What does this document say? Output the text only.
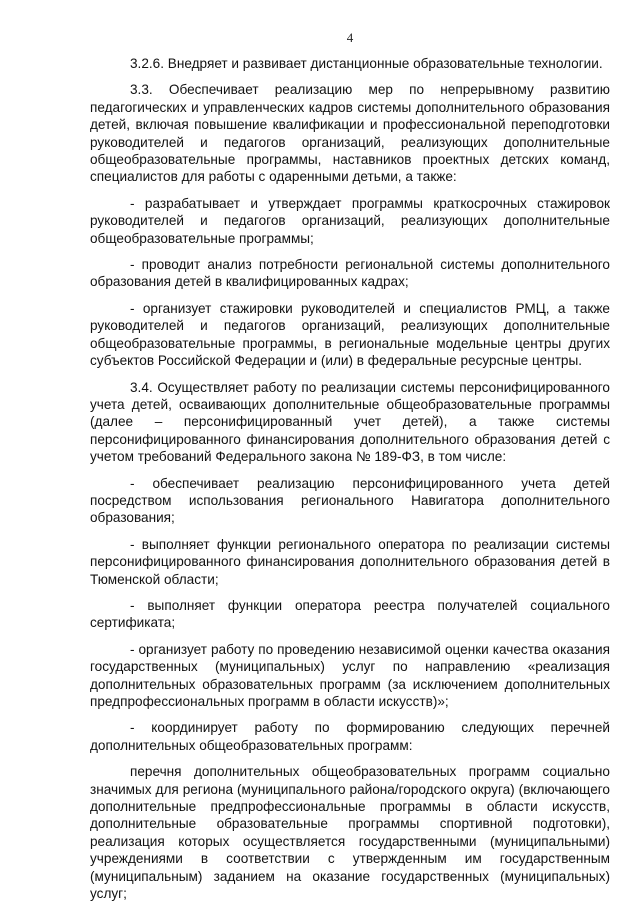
4

3.2.6. Внедряет и развивает дистанционные образовательные технологии.

3.3. Обеспечивает реализацию мер по непрерывному развитию педагогических и управленческих кадров системы дополнительного образования детей, включая повышение квалификации и профессиональной переподготовки руководителей и педагогов организаций, реализующих дополнительные общеобразовательные программы, наставников проектных детских команд, специалистов для работы с одаренными детьми, а также:

- разрабатывает и утверждает программы краткосрочных стажировок руководителей и педагогов организаций, реализующих дополнительные общеобразовательные программы;

- проводит анализ потребности региональной системы дополнительного образования детей в квалифицированных кадрах;

- организует стажировки руководителей и специалистов РМЦ, а также руководителей и педагогов организаций, реализующих дополнительные общеобразовательные программы, в региональные модельные центры других субъектов Российской Федерации и (или) в федеральные ресурсные центры.

3.4. Осуществляет работу по реализации системы персонифицированного учета детей, осваивающих дополнительные общеобразовательные программы (далее – персонифицированный учет детей), а также системы персонифицированного финансирования дополнительного образования детей с учетом требований Федерального закона № 189-ФЗ, в том числе:

- обеспечивает реализацию персонифицированного учета детей посредством использования регионального Навигатора дополнительного образования;

- выполняет функции регионального оператора по реализации системы персонифицированного финансирования дополнительного образования детей в Тюменской области;

- выполняет функции оператора реестра получателей социального сертификата;

- организует работу по проведению независимой оценки качества оказания государственных (муниципальных) услуг по направлению «реализация дополнительных образовательных программ (за исключением дополнительных предпрофессиональных программ в области искусств)»;

- координирует работу по формированию следующих перечней дополнительных общеобразовательных программ:

перечня дополнительных общеобразовательных программ социально значимых для региона (муниципального района/городского округа) (включающего дополнительные предпрофессиональные программы в области искусств, дополнительные образовательные программы спортивной подготовки), реализация которых осуществляется государственными (муниципальными) учреждениями в соответствии с утвержденным им государственным (муниципальным) заданием на оказание государственных (муниципальных) услуг;
